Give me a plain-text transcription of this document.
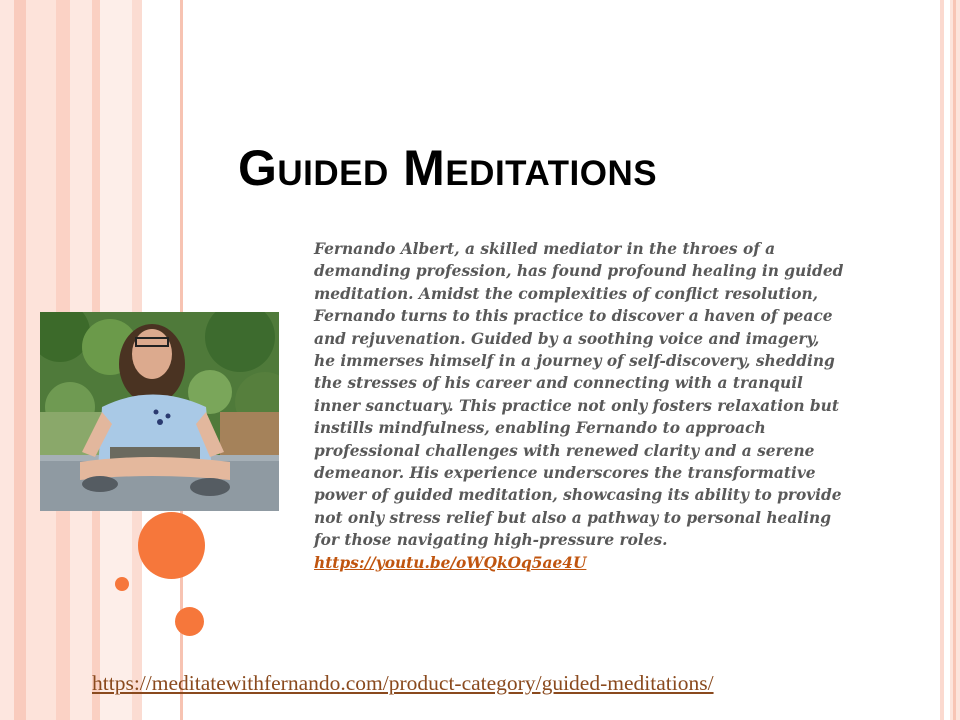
Guided Meditations
Fernando Albert, a skilled mediator in the throes of a demanding profession, has found profound healing in guided meditation. Amidst the complexities of conflict resolution, Fernando turns to this practice to discover a haven of peace and rejuvenation. Guided by a soothing voice and imagery, he immerses himself in a journey of self-discovery, shedding the stresses of his career and connecting with a tranquil inner sanctuary. This practice not only fosters relaxation but instills mindfulness, enabling Fernando to approach professional challenges with renewed clarity and a serene demeanor. His experience underscores the transformative power of guided meditation, showcasing its ability to provide not only stress relief but also a pathway to personal healing for those navigating high-pressure roles.
https://youtu.be/oWQkOq5ae4U
https://meditatewithfernando.com/product-category/guided-meditations/
